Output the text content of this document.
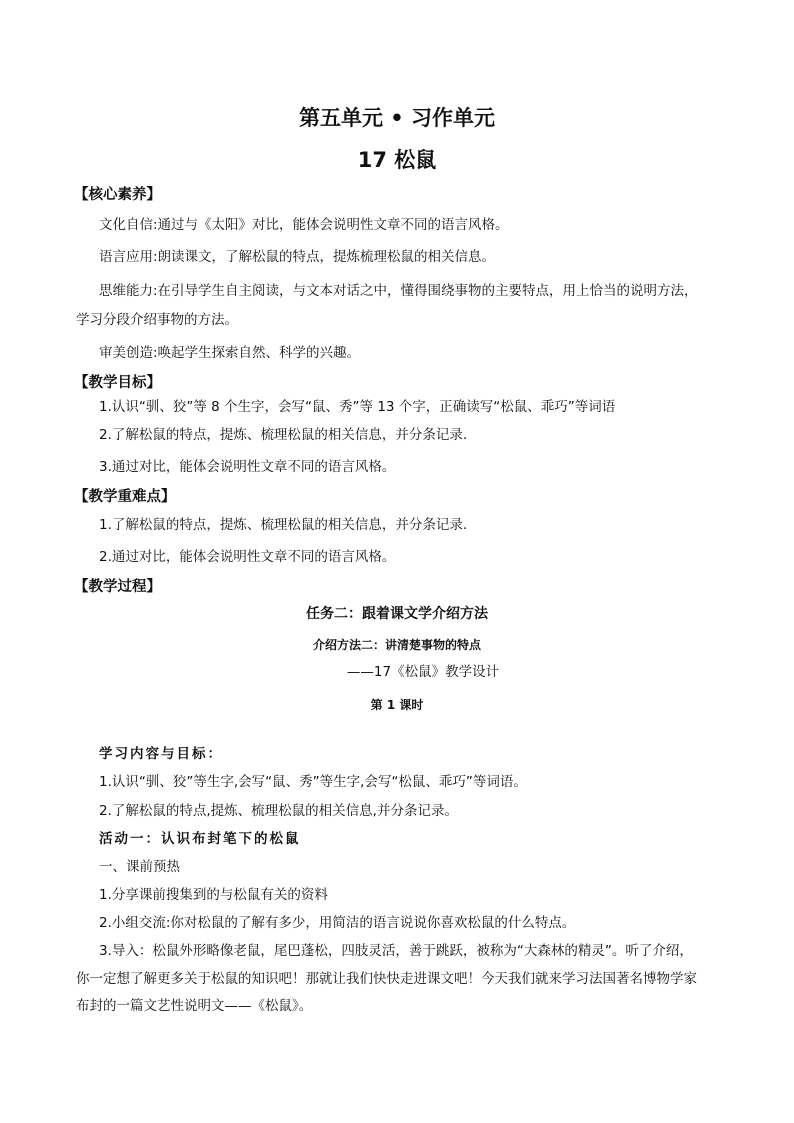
第五单元 • 习作单元
17 松鼠
【核心素养】
文化自信:通过与《太阳》对比，能体会说明性文章不同的语言风格。
语言应用:朗读课文，了解松鼠的特点，提炼梳理松鼠的相关信息。
思维能力:在引导学生自主阅读，与文本对话之中，懂得围绕事物的主要特点，用上恰当的说明方法，
学习分段介绍事物的方法。
审美创造:唤起学生探索自然、科学的兴趣。
【教学目标】
1.认识“驯、狡”等 8 个生字，会写“鼠、秀”等 13 个字，正确读写“松鼠、乖巧”等词语
2.了解松鼠的特点，提炼、梳理松鼠的相关信息，并分条记录.
3.通过对比，能体会说明性文章不同的语言风格。
【教学重难点】
1.了解松鼠的特点，提炼、梳理松鼠的相关信息，并分条记录.
2.通过对比，能体会说明性文章不同的语言风格。
【教学过程】
任务二：跟着课文学介绍方法
介绍方法二：讲清楚事物的特点
——17《松鼠》教学设计
第 1 课时
学习内容与目标：
1.认识“驯、狡”等生字,会写“鼠、秀”等生字,会写“松鼠、乖巧”等词语。
2.了解松鼠的特点,提炼、梳理松鼠的相关信息,并分条记录。
活动一：认识布封笔下的松鼠
一、课前预热
1.分享课前搜集到的与松鼠有关的资料
2.小组交流:你对松鼠的了解有多少，用简洁的语言说说你喜欢松鼠的什么特点。
3.导入：松鼠外形略像老鼠，尾巴蓬松，四肢灵活，善于跳跃，被称为“大森林的精灵”。听了介绍，
你一定想了解更多关于松鼠的知识吧！那就让我们快快走进课文吧！今天我们就来学习法国著名博物学家
布封的一篇文艺性说明文——《松鼠》。
